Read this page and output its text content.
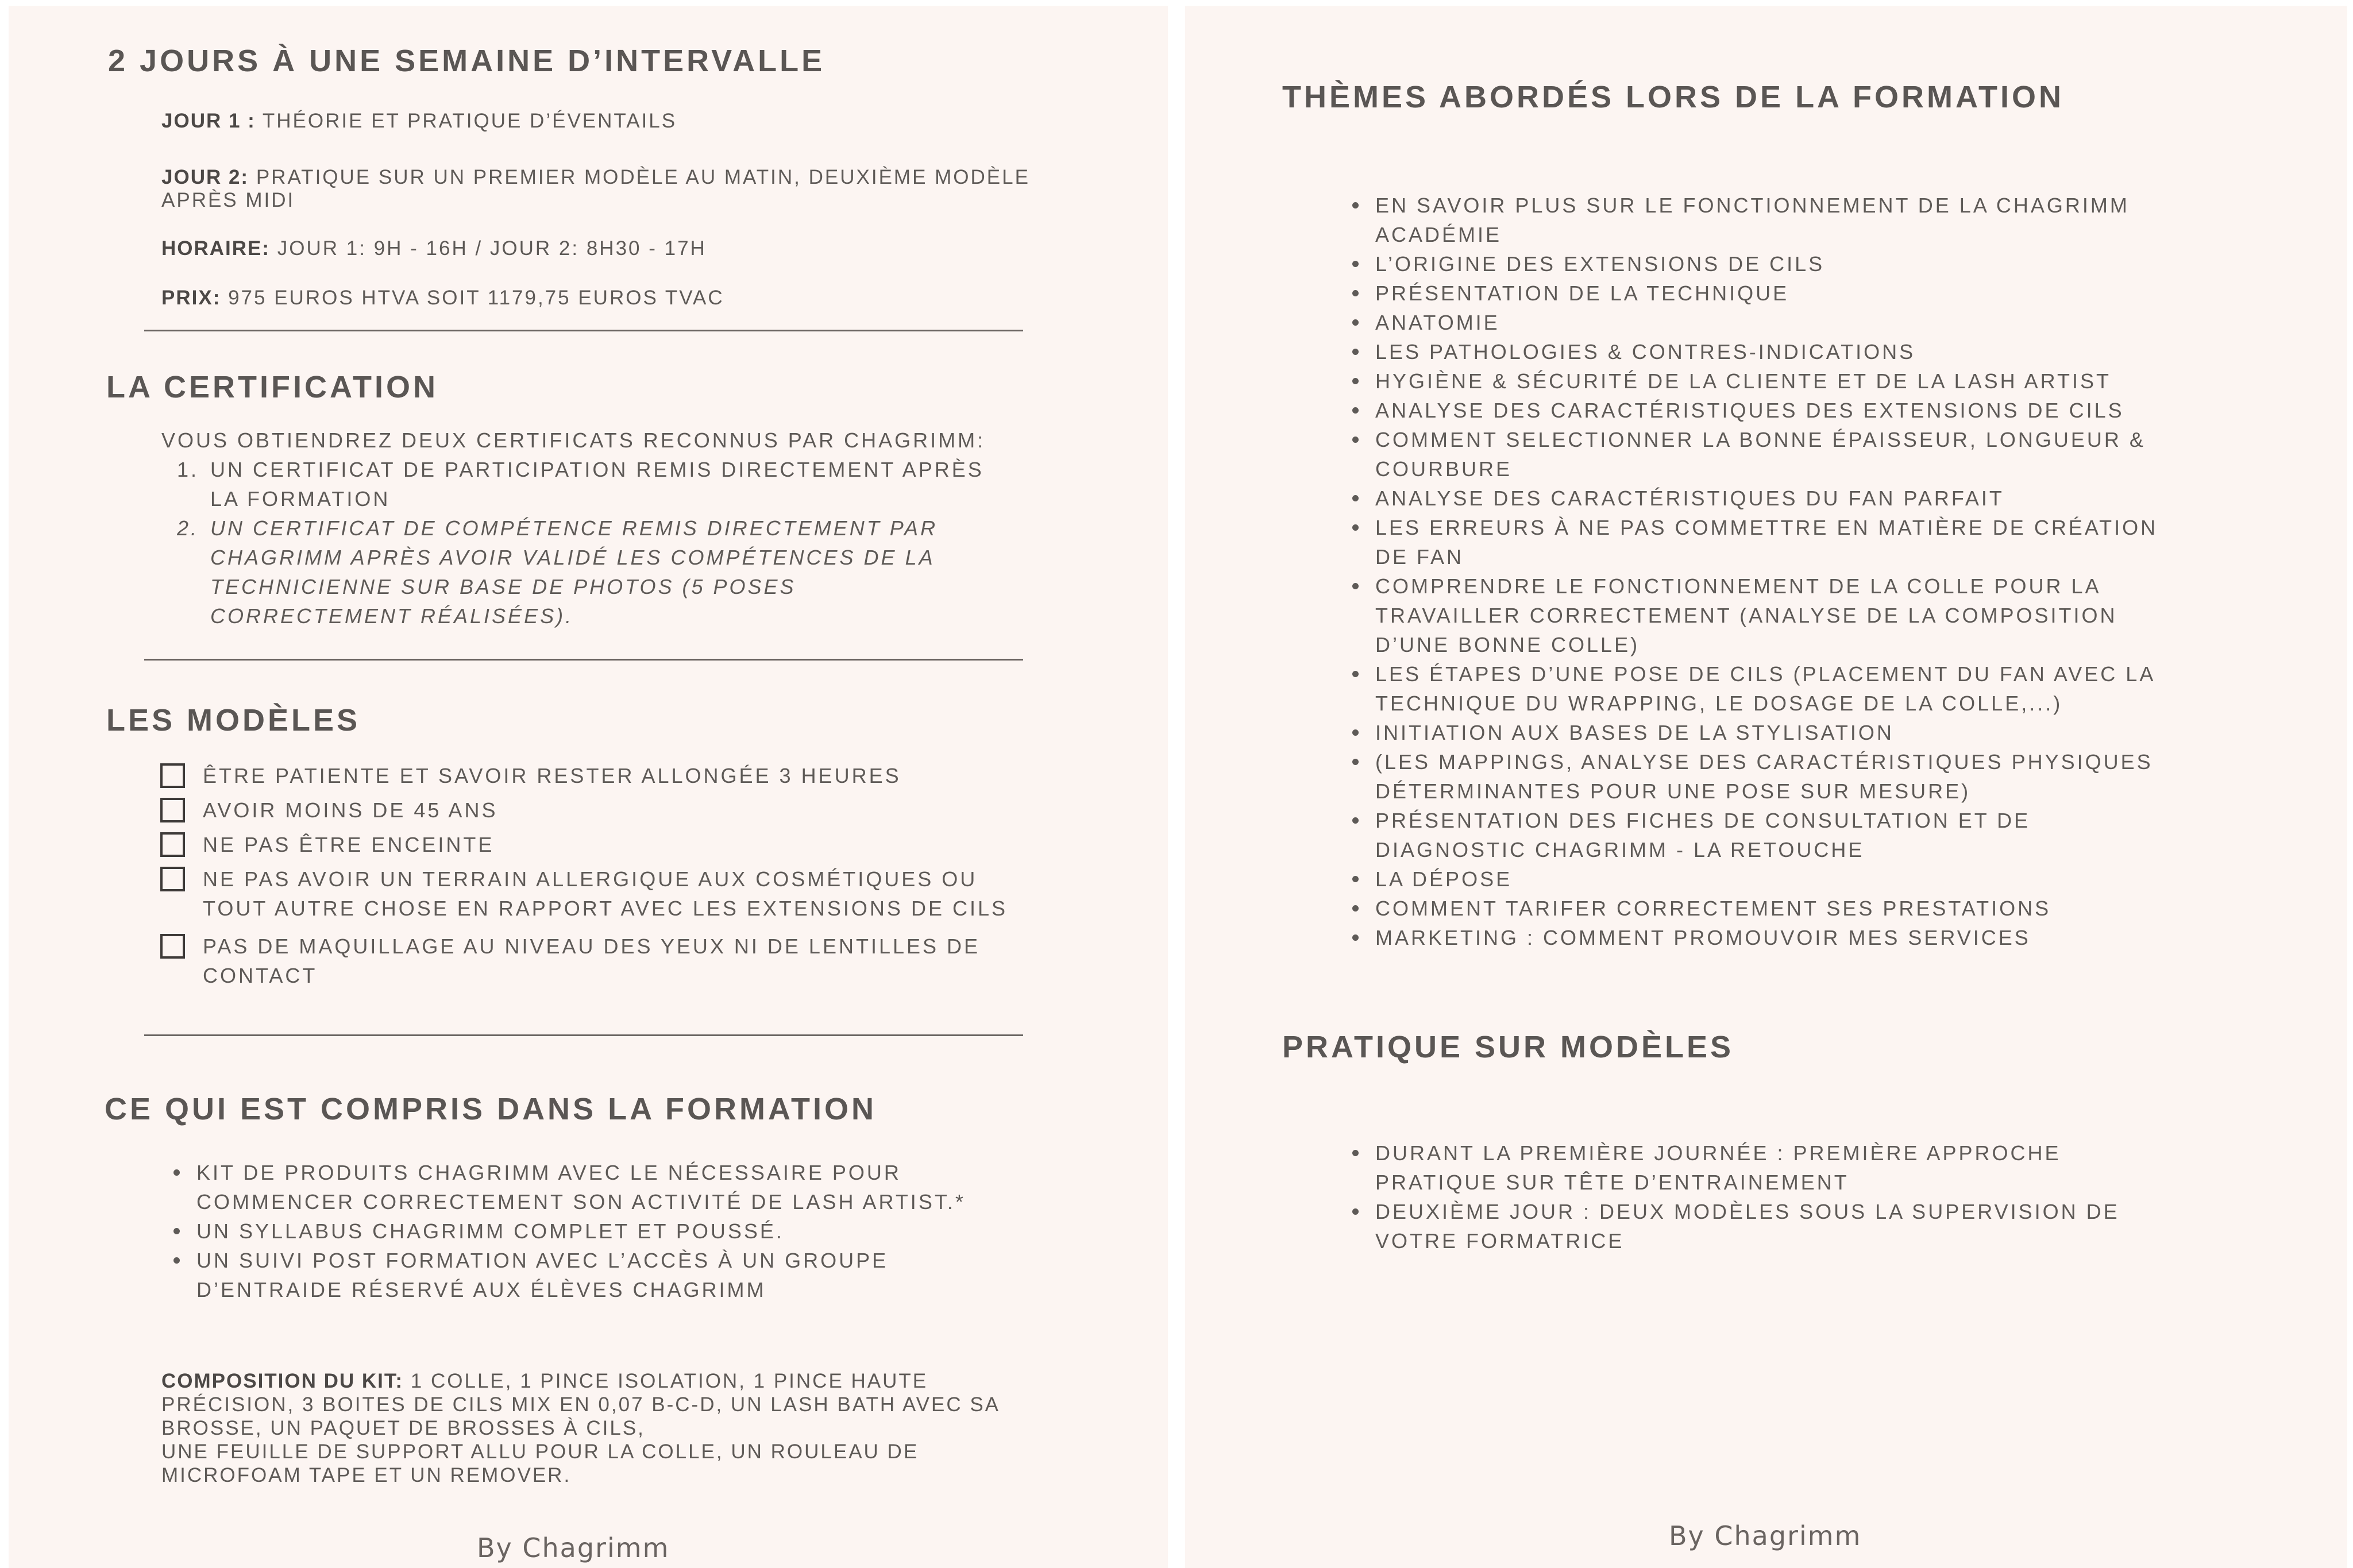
2 JOURS À UNE SEMAINE D’INTERVALLE
JOUR 1 : THÉORIE ET PRATIQUE D’ÉVENTAILS
JOUR 2: PRATIQUE SUR UN PREMIER MODÈLE AU MATIN, DEUXIÈME MODÈLE
APRÈS MIDI
HORAIRE: JOUR 1: 9H - 16H / JOUR 2: 8H30 - 17H
PRIX: 975 EUROS HTVA SOIT 1179,75 EUROS TVAC
LA CERTIFICATION
VOUS OBTIENDREZ DEUX CERTIFICATS RECONNUS PAR CHAGRIMM:
1. UN CERTIFICAT DE PARTICIPATION REMIS DIRECTEMENT APRÈS LA FORMATION
2. UN CERTIFICAT DE COMPÉTENCE REMIS DIRECTEMENT PAR CHAGRIMM APRÈS AVOIR VALIDÉ LES COMPÉTENCES DE LA TECHNICIENNE SUR BASE DE PHOTOS (5 POSES CORRECTEMENT RÉALISÉES).
LES MODÈLES
ÊTRE PATIENTE ET SAVOIR RESTER ALLONGÉE 3 HEURES
AVOIR MOINS DE 45 ANS
NE PAS ÊTRE ENCEINTE
NE PAS AVOIR UN TERRAIN ALLERGIQUE AUX COSMÉTIQUES OU TOUT AUTRE CHOSE EN RAPPORT AVEC LES EXTENSIONS DE CILS
PAS DE MAQUILLAGE AU NIVEAU DES YEUX NI DE LENTILLES DE CONTACT
CE QUI EST COMPRIS DANS LA FORMATION
KIT DE PRODUITS CHAGRIMM AVEC LE NÉCESSAIRE POUR COMMENCER CORRECTEMENT SON ACTIVITÉ DE LASH ARTIST.*
UN SYLLABUS CHAGRIMM COMPLET ET POUSSÉ.
UN SUIVI POST FORMATION AVEC L’ACCÈS À UN GROUPE D’ENTRAIDE RÉSERVÉ AUX ÉLÈVES CHAGRIMM
COMPOSITION DU KIT: 1 COLLE, 1 PINCE ISOLATION, 1 PINCE HAUTE
PRÉCISION, 3 BOITES DE CILS MIX EN 0,07 B-C-D, UN LASH BATH AVEC SA
BROSSE, UN PAQUET DE BROSSES À CILS,
UNE FEUILLE DE SUPPORT ALLU POUR LA COLLE, UN ROULEAU DE
MICROFOAM TAPE ET UN REMOVER.
By Chagrimm
THÈMES ABORDÉS LORS DE LA FORMATION
EN SAVOIR PLUS SUR LE FONCTIONNEMENT DE LA CHAGRIMM ACADÉMIE
L’ORIGINE DES EXTENSIONS DE CILS
PRÉSENTATION DE LA TECHNIQUE
ANATOMIE
LES PATHOLOGIES & CONTRES-INDICATIONS
HYGIÈNE & SÉCURITÉ DE LA CLIENTE ET DE LA LASH ARTIST
ANALYSE DES CARACTÉRISTIQUES DES EXTENSIONS DE CILS
COMMENT SELECTIONNER LA BONNE ÉPAISSEUR, LONGUEUR & COURBURE
ANALYSE DES CARACTÉRISTIQUES DU FAN PARFAIT
LES ERREURS À NE PAS COMMETTRE EN MATIÈRE DE CRÉATION DE FAN
COMPRENDRE LE FONCTIONNEMENT DE LA COLLE POUR LA TRAVAILLER CORRECTEMENT (ANALYSE DE LA COMPOSITION D’UNE BONNE COLLE)
LES ÉTAPES D’UNE POSE DE CILS (PLACEMENT DU FAN AVEC LA TECHNIQUE DU WRAPPING, LE DOSAGE DE LA COLLE,...)
INITIATION AUX BASES DE LA STYLISATION
(LES MAPPINGS, ANALYSE DES CARACTÉRISTIQUES PHYSIQUES DÉTERMINANTES POUR UNE POSE SUR MESURE)
PRÉSENTATION DES FICHES DE CONSULTATION ET DE DIAGNOSTIC CHAGRIMM - LA RETOUCHE
LA DÉPOSE
COMMENT TARIFER CORRECTEMENT SES PRESTATIONS
MARKETING : COMMENT PROMOUVOIR MES SERVICES
PRATIQUE SUR MODÈLES
DURANT LA PREMIÈRE JOURNÉE : PREMIÈRE APPROCHE PRATIQUE SUR TÊTE D’ENTRAINEMENT
DEUXIÈME JOUR : DEUX MODÈLES SOUS LA SUPERVISION DE VOTRE FORMATRICE
By Chagrimm
